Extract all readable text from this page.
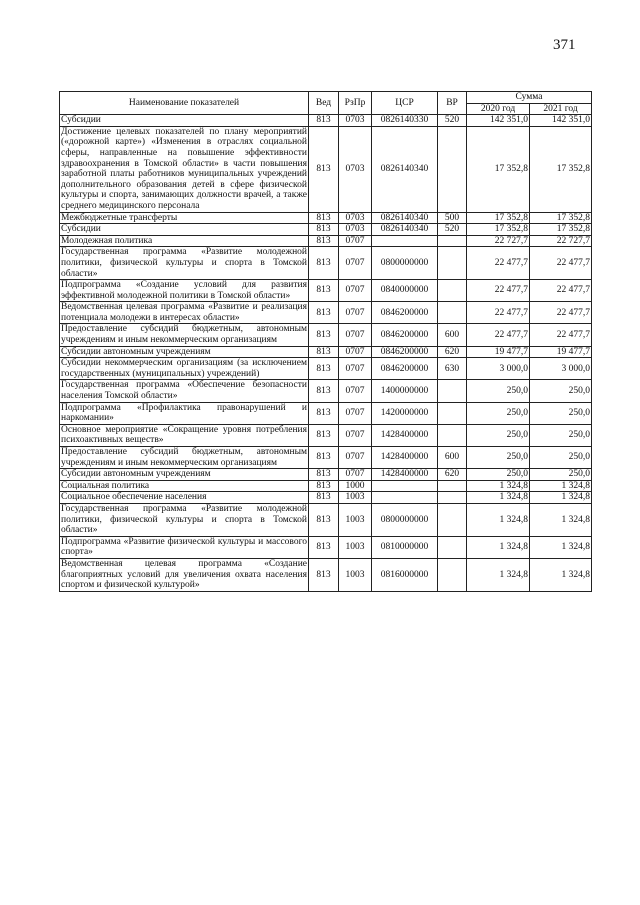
371
Наименование показателей	Вед	РзПр	ЦСР	ВР	Сумма	
					2020 год	2021 год
Субсидии	813	0703	0826140330	520	142 351,0	142 351,0
Достижение целевых показателей по плану мероприятий («дорожной карте») «Изменения в отраслях социальной сферы, направленные на повышение эффективности здравоохранения в Томской области» в части повышения заработной платы работников муниципальных учреждений дополнительного образования детей в сфере физической культуры и спорта, занимающих должности врачей, а также среднего медицинского персонала	813	0703	0826140340		17 352,8	17 352,8
Межбюджетные трансферты	813	0703	0826140340	500	17 352,8	17 352,8
Субсидии	813	0703	0826140340	520	17 352,8	17 352,8
Молодежная политика	813	0707			22 727,7	22 727,7
Государственная программа «Развитие молодежной политики, физической культуры и спорта в Томской области»	813	0707	0800000000		22 477,7	22 477,7
Подпрограмма «Создание условий для развития эффективной молодежной политики в Томской области»	813	0707	0840000000		22 477,7	22 477,7
Ведомственная целевая программа «Развитие и реализация потенциала молодежи в интересах области»	813	0707	0846200000		22 477,7	22 477,7
Предоставление субсидий бюджетным, автономным учреждениям и иным некоммерческим организациям	813	0707	0846200000	600	22 477,7	22 477,7
Субсидии автономным учреждениям	813	0707	0846200000	620	19 477,7	19 477,7
Субсидии некоммерческим организациям (за исключением государственных (муниципальных) учреждений)	813	0707	0846200000	630	3 000,0	3 000,0
Государственная программа «Обеспечение безопасности населения Томской области»	813	0707	1400000000		250,0	250,0
Подпрограмма «Профилактика правонарушений и наркомании»	813	0707	1420000000		250,0	250,0
Основное мероприятие «Сокращение уровня потребления психоактивных веществ»	813	0707	1428400000		250,0	250,0
Предоставление субсидий бюджетным, автономным учреждениям и иным некоммерческим организациям	813	0707	1428400000	600	250,0	250,0
Субсидии автономным учреждениям	813	0707	1428400000	620	250,0	250,0
Социальная политика	813	1000			1 324,8	1 324,8
Социальное обеспечение населения	813	1003			1 324,8	1 324,8
Государственная программа «Развитие молодежной политики, физической культуры и спорта в Томской области»	813	1003	0800000000		1 324,8	1 324,8
Подпрограмма «Развитие физической культуры и массового спорта»	813	1003	0810000000		1 324,8	1 324,8
Ведомственная целевая программа «Создание благоприятных условий для увеличения охвата населения спортом и физической культурой»	813	1003	0816000000		1 324,8	1 324,8
